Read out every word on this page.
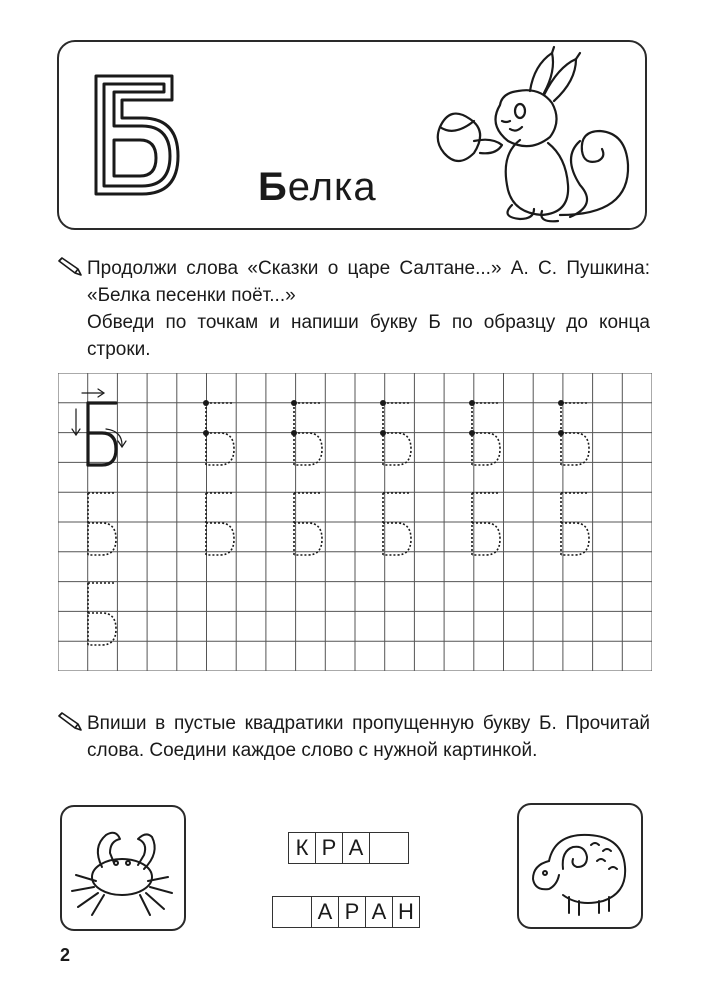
Белка

Продолжи слова «Сказки о царе Салтане...» А. С. Пушкина: «Белка песенки поёт...»

Обведи по точкам и напиши букву Б по образцу до конца строки.

Впиши в пустые квадратики пропущенную букву Б. Прочитай слова. Соедини каждое слово с нужной картинкой.

К Р А
А Р А Н
2
